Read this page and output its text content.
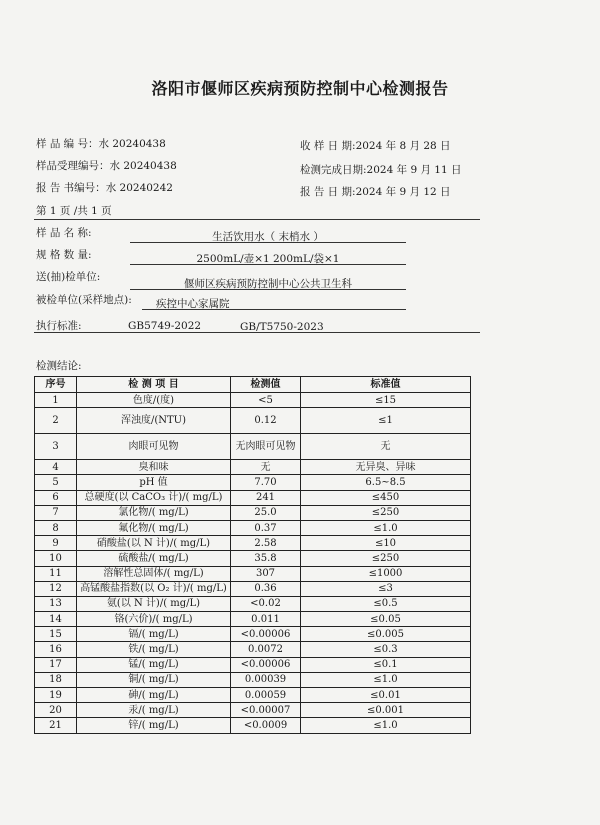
洛阳市偃师区疾病预防控制中心检测报告
样 品 编 号：水 20240438
样品受理编号：水 20240438
报 告 书编号：水 20240242
收 样 日 期:2024 年 8 月 28 日
检测完成日期:2024 年 9 月 11 日
报 告 日 期:2024 年 9 月 12 日
第 1 页 /共 1 页
样 品 名 称:	生活饮用水（ 末梢水 ）
规 格 数 量:	2500mL/壶×1 200mL/袋×1
送(抽)检单位:
偃师区疾病预防控制中心公共卫生科
被检单位(采样地点): 疾控中心家属院
执行标准:	GB5749-2022	GB/T5750-2023
检测结论:
序号	检 测 项 目	检测值	标准值
1	色度/(度)	<5	≤15
2	浑浊度/(NTU)	0.12	≤1
3	肉眼可见物	无肉眼可见物	无
4	臭和味	无	无异臭、异味
5	pH 值	7.70	6.5~8.5
6	总硬度(以 CaCO₃ 计)/( mg/L)	241	≤450
7	氯化物/( mg/L)	25.0	≤250
8	氟化物/( mg/L)	0.37	≤1.0
9	硝酸盐(以 N 计)/( mg/L)	2.58	≤10
10	硫酸盐/( mg/L)	35.8	≤250
11	溶解性总固体/( mg/L)	307	≤1000
12	高锰酸盐指数(以 O₂ 计)/( mg/L)	0.36	≤3
13	氨(以 N 计)/( mg/L)	<0.02	≤0.5
14	铬(六价)/( mg/L)	0.011	≤0.05
15	镉/( mg/L)	<0.00006	≤0.005
16	铁/( mg/L)	0.0072	≤0.3
17	锰/( mg/L)	<0.00006	≤0.1
18	铜/( mg/L)	0.00039	≤1.0
19	砷/( mg/L)	0.00059	≤0.01
20	汞/( mg/L)	<0.00007	≤0.001
21	锌/( mg/L)	<0.0009	≤1.0
